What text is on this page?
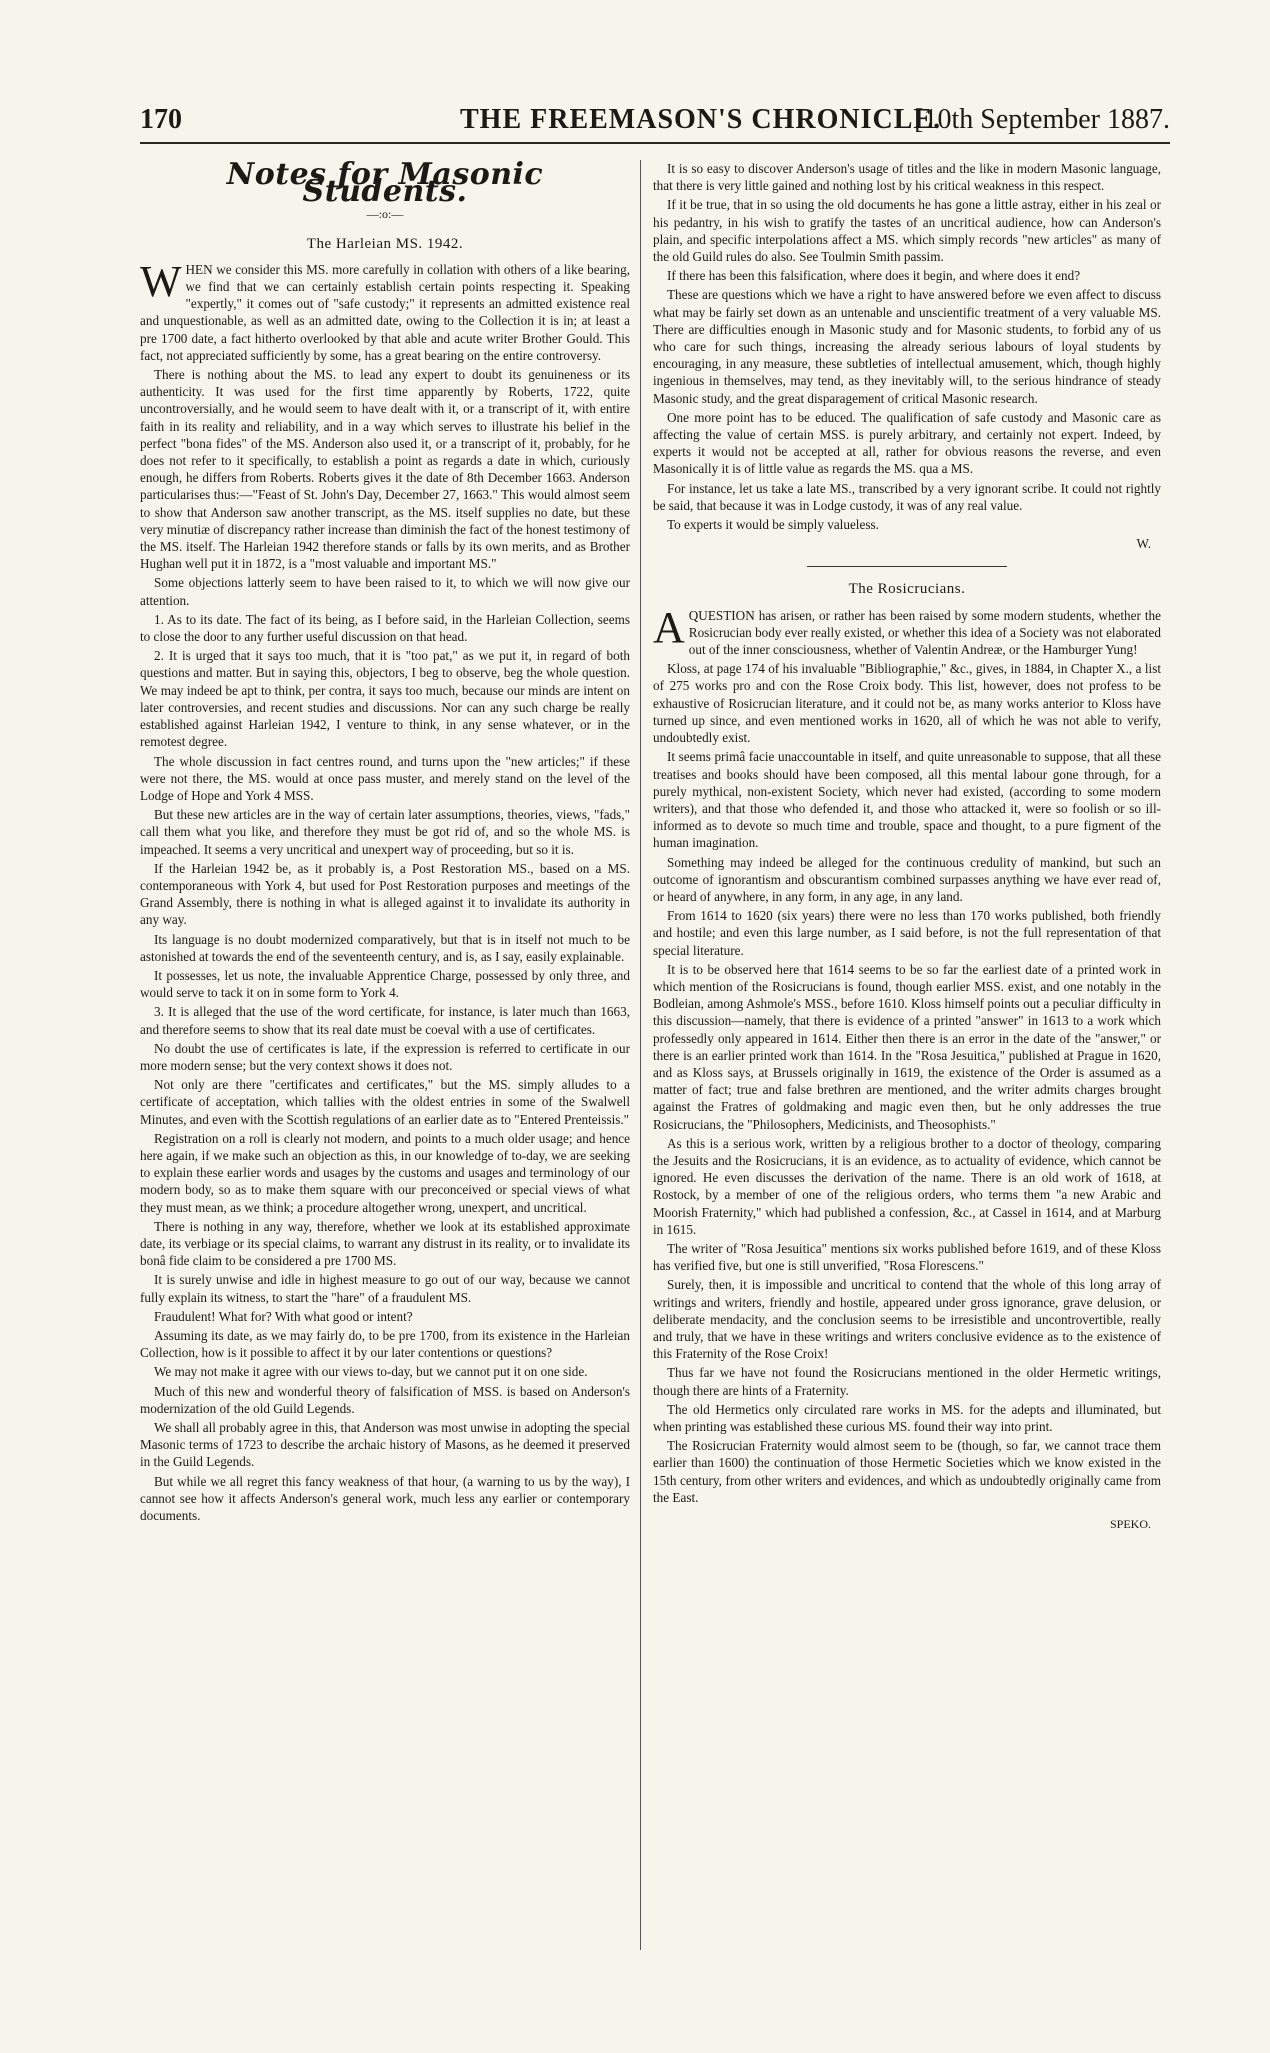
170	THE FREEMASON'S CHRONICLE.
[10th September 1887.
Notes for Masonic Students.
—:o:—
The Harleian MS. 1942.

WHEN we consider this MS. more carefully in collation with others of a like bearing, we find that we can certainly establish certain points respecting it. Speaking "expertly," it comes out of "safe custody;" it represents an admitted existence real and unquestionable, as well as an admitted date, owing to the Collection it is in; at least a pre 1700 date, a fact hitherto overlooked by that able and acute writer Brother Gould. This fact, not appreciated sufficiently by some, has a great bearing on the entire controversy.

There is nothing about the MS. to lead any expert to doubt its genuineness or its authenticity. It was used for the first time apparently by Roberts, 1722, quite uncontroversially, and he would seem to have dealt with it, or a transcript of it, with entire faith in its reality and reliability, and in a way which serves to illustrate his belief in the perfect "bona fides" of the MS. Anderson also used it, or a transcript of it, probably, for he does not refer to it specifically, to establish a point as regards a date in which, curiously enough, he differs from Roberts. Roberts gives it the date of 8th December 1663. Anderson particularises thus:—"Feast of St. John's Day, December 27, 1663." This would almost seem to show that Anderson saw another transcript, as the MS. itself supplies no date, but these very minutiæ of discrepancy rather increase than diminish the fact of the honest testimony of the MS. itself. The Harleian 1942 therefore stands or falls by its own merits, and as Brother Hughan well put it in 1872, is a "most valuable and important MS."

Some objections latterly seem to have been raised to it, to which we will now give our attention.

1. As to its date. The fact of its being, as I before said, in the Harleian Collection, seems to close the door to any further useful discussion on that head.

2. It is urged that it says too much, that it is "too pat," as we put it, in regard of both questions and matter. But in saying this, objectors, I beg to observe, beg the whole question. We may indeed be apt to think, per contra, it says too much, because our minds are intent on later controversies, and recent studies and discussions. Nor can any such charge be really established against Harleian 1942, I venture to think, in any sense whatever, or in the remotest degree.

The whole discussion in fact centres round, and turns upon the "new articles;" if these were not there, the MS. would at once pass muster, and merely stand on the level of the Lodge of Hope and York 4 MSS.

But these new articles are in the way of certain later assumptions, theories, views, "fads," call them what you like, and therefore they must be got rid of, and so the whole MS. is impeached. It seems a very uncritical and unexpert way of proceeding, but so it is.

If the Harleian 1942 be, as it probably is, a Post Restoration MS., based on a MS. contemporaneous with York 4, but used for Post Restoration purposes and meetings of the Grand Assembly, there is nothing in what is alleged against it to invalidate its authority in any way.

Its language is no doubt modernized comparatively, but that is in itself not much to be astonished at towards the end of the seventeenth century, and is, as I say, easily explainable.

It possesses, let us note, the invaluable Apprentice Charge, possessed by only three, and would serve to tack it on in some form to York 4.

3. It is alleged that the use of the word certificate, for instance, is later much than 1663, and therefore seems to show that its real date must be coeval with a use of certificates.

No doubt the use of certificates is late, if the expression is referred to certificate in our more modern sense; but the very context shows it does not.

Not only are there "certificates and certificates," but the MS. simply alludes to a certificate of acceptation, which tallies with the oldest entries in some of the Swalwell Minutes, and even with the Scottish regulations of an earlier date as to "Entered Prenteissis."

Registration on a roll is clearly not modern, and points to a much older usage; and hence here again, if we make such an objection as this, in our knowledge of to-day, we are seeking to explain these earlier words and usages by the customs and usages and terminology of our modern body, so as to make them square with our preconceived or special views of what they must mean, as we think; a procedure altogether wrong, unexpert, and uncritical.

There is nothing in any way, therefore, whether we look at its established approximate date, its verbiage or its special claims, to warrant any distrust in its reality, or to invalidate its bonâ fide claim to be considered a pre 1700 MS.

It is surely unwise and idle in highest measure to go out of our way, because we cannot fully explain its witness, to start the "hare" of a fraudulent MS.

Fraudulent! What for? With what good or intent?

Assuming its date, as we may fairly do, to be pre 1700, from its existence in the Harleian Collection, how is it possible to affect it by our later contentions or questions?

We may not make it agree with our views to-day, but we cannot put it on one side.

Much of this new and wonderful theory of falsification of MSS. is based on Anderson's modernization of the old Guild Legends.

We shall all probably agree in this, that Anderson was most unwise in adopting the special Masonic terms of 1723 to describe the archaic history of Masons, as he deemed it preserved in the Guild Legends.

But while we all regret this fancy weakness of that hour, (a warning to us by the way), I cannot see how it affects Anderson's general work, much less any earlier or contemporary documents.

It is so easy to discover Anderson's usage of titles and the like in modern Masonic language, that there is very little gained and nothing lost by his critical weakness in this respect.

If it be true, that in so using the old documents he has gone a little astray, either in his zeal or his pedantry, in his wish to gratify the tastes of an uncritical audience, how can Anderson's plain, and specific interpolations affect a MS. which simply records "new articles" as many of the old Guild rules do also. See Toulmin Smith passim.

If there has been this falsification, where does it begin, and where does it end?

These are questions which we have a right to have answered before we even affect to discuss what may be fairly set down as an untenable and unscientific treatment of a very valuable MS. There are difficulties enough in Masonic study and for Masonic students, to forbid any of us who care for such things, increasing the already serious labours of loyal students by encouraging, in any measure, these subtleties of intellectual amusement, which, though highly ingenious in themselves, may tend, as they inevitably will, to the serious hindrance of steady Masonic study, and the great disparagement of critical Masonic research.

One more point has to be educed. The qualification of safe custody and Masonic care as affecting the value of certain MSS. is purely arbitrary, and certainly not expert. Indeed, by experts it would not be accepted at all, rather for obvious reasons the reverse, and even Masonically it is of little value as regards the MS. qua a MS.

For instance, let us take a late MS., transcribed by a very ignorant scribe. It could not rightly be said, that because it was in Lodge custody, it was of any real value.

To experts it would be simply valueless.

W.

The Rosicrucians.

AQUESTION has arisen, or rather has been raised by some modern students, whether the Rosicrucian body ever really existed, or whether this idea of a Society was not elaborated out of the inner consciousness, whether of Valentin Andreæ, or the Hamburger Yung!

Kloss, at page 174 of his invaluable "Bibliographie," &c., gives, in 1884, in Chapter X., a list of 275 works pro and con the Rose Croix body. This list, however, does not profess to be exhaustive of Rosicrucian literature, and it could not be, as many works anterior to Kloss have turned up since, and even mentioned works in 1620, all of which he was not able to verify, undoubtedly exist.

It seems primâ facie unaccountable in itself, and quite unreasonable to suppose, that all these treatises and books should have been composed, all this mental labour gone through, for a purely mythical, non-existent Society, which never had existed, (according to some modern writers), and that those who defended it, and those who attacked it, were so foolish or so ill-informed as to devote so much time and trouble, space and thought, to a pure figment of the human imagination.

Something may indeed be alleged for the continuous credulity of mankind, but such an outcome of ignorantism and obscurantism combined surpasses anything we have ever read of, or heard of anywhere, in any form, in any age, in any land.

From 1614 to 1620 (six years) there were no less than 170 works published, both friendly and hostile; and even this large number, as I said before, is not the full representation of that special literature.

It is to be observed here that 1614 seems to be so far the earliest date of a printed work in which mention of the Rosicrucians is found, though earlier MSS. exist, and one notably in the Bodleian, among Ashmole's MSS., before 1610. Kloss himself points out a peculiar difficulty in this discussion—namely, that there is evidence of a printed "answer" in 1613 to a work which professedly only appeared in 1614. Either then there is an error in the date of the "answer," or there is an earlier printed work than 1614. In the "Rosa Jesuitica," published at Prague in 1620, and as Kloss says, at Brussels originally in 1619, the existence of the Order is assumed as a matter of fact; true and false brethren are mentioned, and the writer admits charges brought against the Fratres of goldmaking and magic even then, but he only addresses the true Rosicrucians, the "Philosophers, Medicinists, and Theosophists."

As this is a serious work, written by a religious brother to a doctor of theology, comparing the Jesuits and the Rosicrucians, it is an evidence, as to actuality of evidence, which cannot be ignored. He even discusses the derivation of the name. There is an old work of 1618, at Rostock, by a member of one of the religious orders, who terms them "a new Arabic and Moorish Fraternity," which had published a confession, &c., at Cassel in 1614, and at Marburg in 1615.

The writer of "Rosa Jesuitica" mentions six works published before 1619, and of these Kloss has verified five, but one is still unverified, "Rosa Florescens."

Surely, then, it is impossible and uncritical to contend that the whole of this long array of writings and writers, friendly and hostile, appeared under gross ignorance, grave delusion, or deliberate mendacity, and the conclusion seems to be irresistible and uncontrovertible, really and truly, that we have in these writings and writers conclusive evidence as to the existence of this Fraternity of the Rose Croix!

Thus far we have not found the Rosicrucians mentioned in the older Hermetic writings, though there are hints of a Fraternity.

The old Hermetics only circulated rare works in MS. for the adepts and illuminated, but when printing was established these curious MS. found their way into print.

The Rosicrucian Fraternity would almost seem to be (though, so far, we cannot trace them earlier than 1600) the continuation of those Hermetic Societies which we know existed in the 15th century, from other writers and evidences, and which as undoubtedly originally came from the East.

SPEKO.
